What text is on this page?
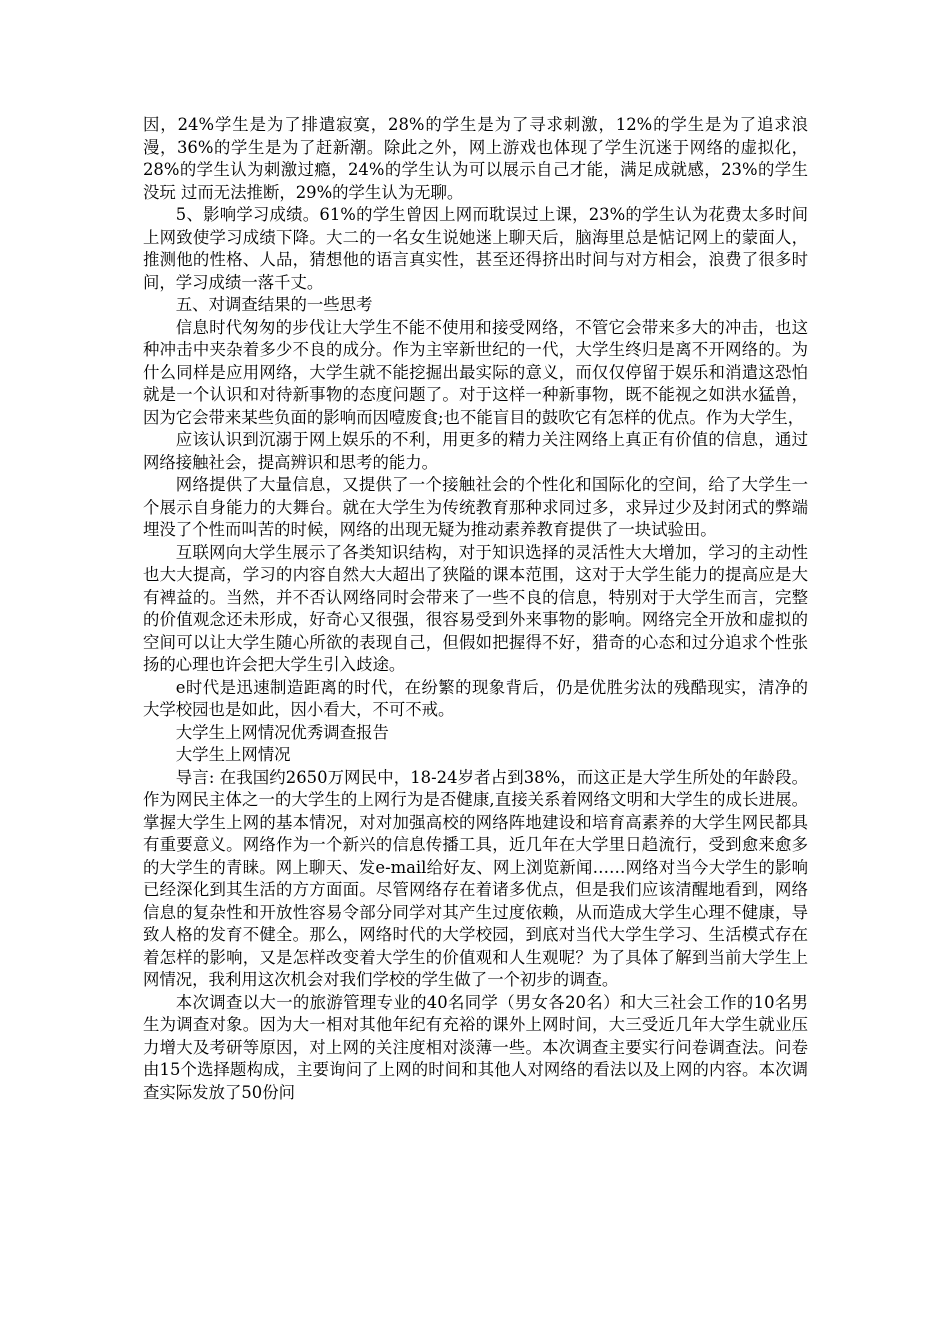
因，24%学生是为了排遣寂寞，28%的学生是为了寻求刺激，12%的学生是为了追求浪漫，36%的学生是为了赶新潮。除此之外，网上游戏也体现了学生沉迷于网络的虚拟化，28%的学生认为刺激过瘾，24%的学生认为可以展示自己才能，满足成就感，23%的学生没玩 过而无法推断，29%的学生认为无聊。

5、影响学习成绩。61%的学生曾因上网而耽误过上课，23%的学生认为花费太多时间上网致使学习成绩下降。大二的一名女生说她迷上聊天后，脑海里总是惦记网上的蒙面人，推测他的性格、人品，猜想他的语言真实性，甚至还得挤出时间与对方相会，浪费了很多时间，学习成绩一落千丈。

五、对调查结果的一些思考

信息时代匆匆的步伐让大学生不能不使用和接受网络，不管它会带来多大的冲击，也这种冲击中夹杂着多少不良的成分。作为主宰新世纪的一代，大学生终归是离不开网络的。为什么同样是应用网络，大学生就不能挖掘出最实际的意义，而仅仅停留于娱乐和消遣这恐怕就是一个认识和对待新事物的态度问题了。对于这样一种新事物，既不能视之如洪水猛兽，因为它会带来某些负面的影响而因噎废食;也不能盲目的鼓吹它有怎样的优点。作为大学生，

应该认识到沉溺于网上娱乐的不利，用更多的精力关注网络上真正有价值的信息，通过网络接触社会，提高辨识和思考的能力。

网络提供了大量信息，又提供了一个接触社会的个性化和国际化的空间，给了大学生一个展示自身能力的大舞台。就在大学生为传统教育那种求同过多，求异过少及封闭式的弊端埋没了个性而叫苦的时候，网络的出现无疑为推动素养教育提供了一块试验田。

互联网向大学生展示了各类知识结构，对于知识选择的灵活性大大增加，学习的主动性也大大提高，学习的内容自然大大超出了狭隘的课本范围，这对于大学生能力的提高应是大有裨益的。当然，并不否认网络同时会带来了一些不良的信息，特别对于大学生而言，完整的价值观念还未形成，好奇心又很强，很容易受到外来事物的影响。网络完全开放和虚拟的空间可以让大学生随心所欲的表现自己，但假如把握得不好，猎奇的心态和过分追求个性张扬的心理也许会把大学生引入歧途。

e时代是迅速制造距离的时代，在纷繁的现象背后，仍是优胜劣汰的残酷现实，清净的大学校园也是如此，因小看大，不可不戒。

大学生上网情况优秀调查报告

大学生上网情况

导言: 在我国约2650万网民中，18-24岁者占到38%，而这正是大学生所处的年龄段。作为网民主体之一的大学生的上网行为是否健康,直接关系着网络文明和大学生的成长进展。掌握大学生上网的基本情况，对对加强高校的网络阵地建设和培育高素养的大学生网民都具有重要意义。网络作为一个新兴的信息传播工具，近几年在大学里日趋流行，受到愈来愈多的大学生的青睐。网上聊天、发e-mail给好友、网上浏览新闻……网络对当今大学生的影响已经深化到其生活的方方面面。尽管网络存在着诸多优点，但是我们应该清醒地看到，网络信息的复杂性和开放性容易令部分同学对其产生过度依赖，从而造成大学生心理不健康，导致人格的发育不健全。那么，网络时代的大学校园，到底对当代大学生学习、生活模式存在着怎样的影响，又是怎样改变着大学生的价值观和人生观呢？为了具体了解到当前大学生上网情况，我利用这次机会对我们学校的学生做了一个初步的调查。

本次调查以大一的旅游管理专业的40名同学（男女各20名）和大三社会工作的10名男生为调查对象。因为大一相对其他年纪有充裕的课外上网时间，大三受近几年大学生就业压力增大及考研等原因，对上网的关注度相对淡薄一些。本次调查主要实行问卷调查法。问卷由15个选择题构成，主要询问了上网的时间和其他人对网络的看法以及上网的内容。本次调查实际发放了50份问
